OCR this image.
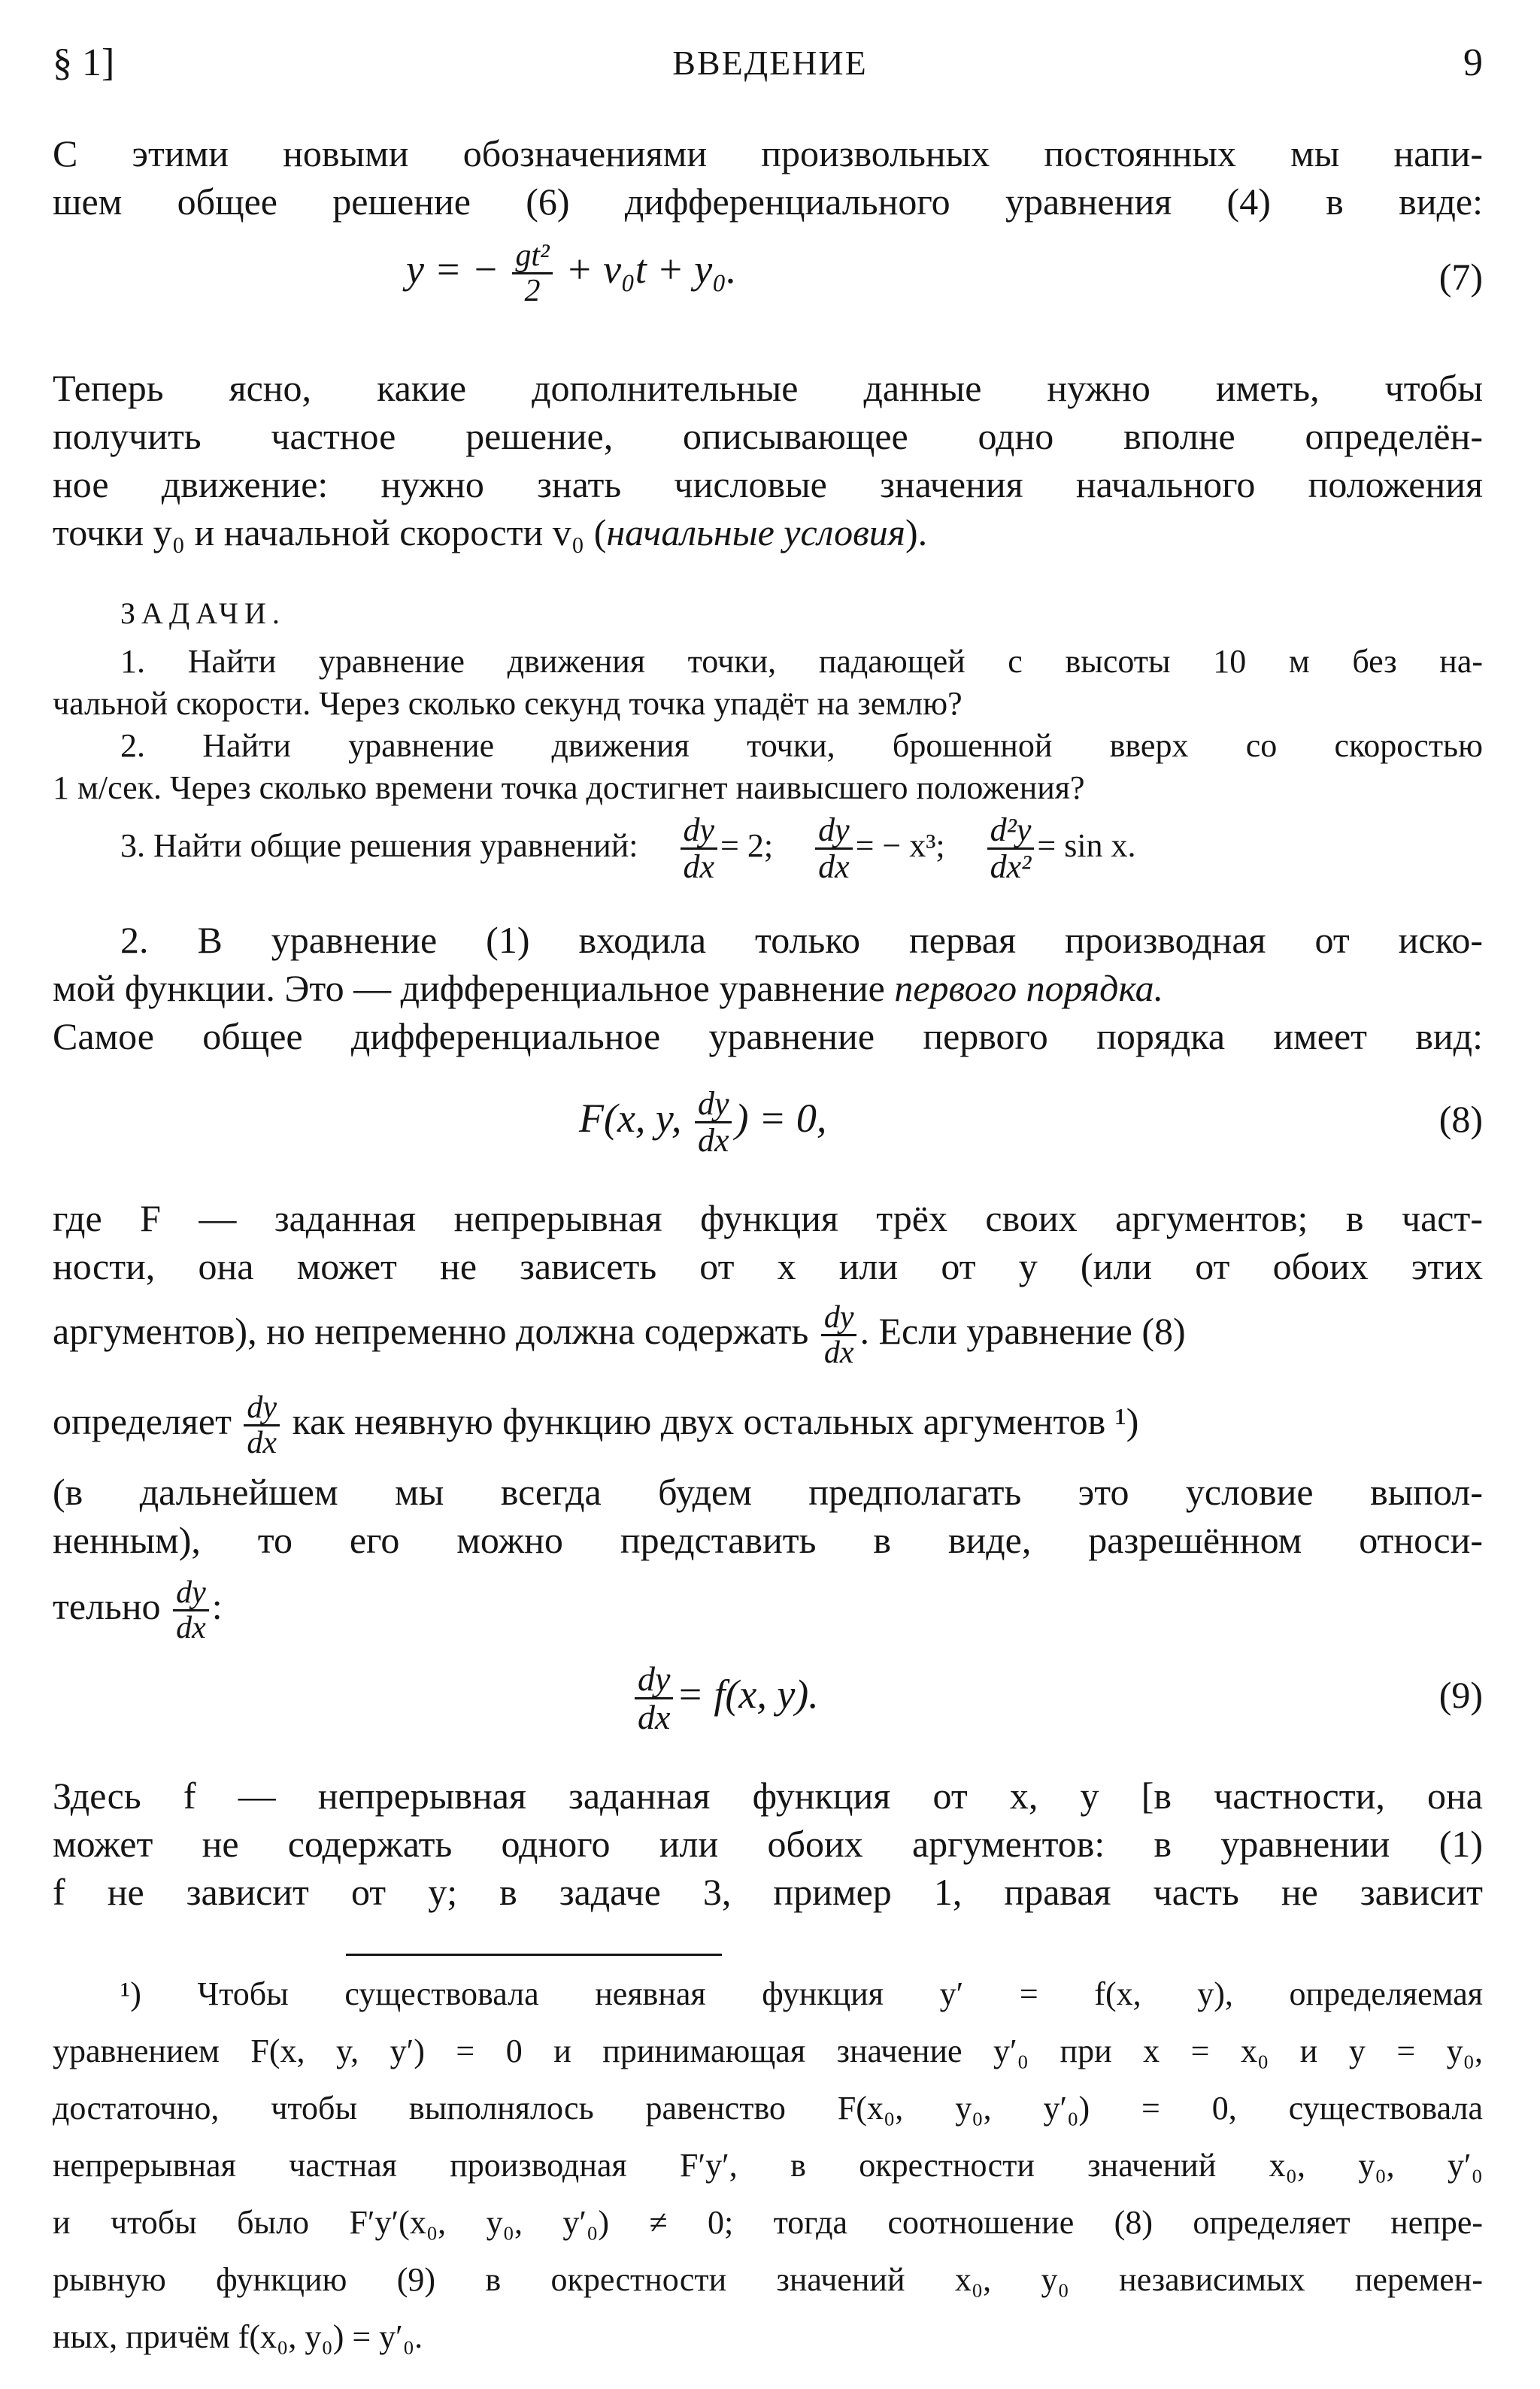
§ 1]	ВВЕДЕНИЕ	9
С этими новыми обозначениями произвольных постоянных мы напи-
шем общее решение (6) дифференциального уравнения (4) в виде:
y = − $\frac{\text{gt²}}{2} + v_0t + y_0$.	(7)
Теперь ясно, какие дополнительные данные нужно иметь, чтобы
получить частное решение, описывающее одно вполне определён-
ное движение: нужно знать числовые значения начального положения
точки y₀ и начальной скорости v₀ (начальные условия).
ЗАДАЧИ.
1. Найти уравнение движения точки, падающей с высоты 10 м без на-
чальной скорости. Через сколько секунд точка упадёт на землю?
2. Найти уравнение движения точки, брошенной вверх со скоростью
1 м/сек. Через сколько времени точка достигнет наивысшего положения?
3. Найти общие решения уравнений: $\frac{dy}{dx} = 2$; $\frac{dy}{dx}$ = − x³; $\frac{\text{d²y}}{\text{dx²}} = \sin x$.
2. В уравнение (1) входила только первая производная от иско-
мой функции. Это — дифференциальное уравнение первого порядка.
Самое общее дифференциальное уравнение первого порядка имеет вид:
F(x, y, $\frac{dy}{dx}$ ) = 0,	(8)
где F — заданная непрерывная функция трёх своих аргументов; в част-
ности, она может не зависеть от x или от y (или от обоих этих
аргументов), но непременно должна содержать $\frac{dy}{dx}$ . Если уравнение (8)
определяет $\frac{dy}{dx}$ как неявную функцию двух остальных аргументов ¹)
(в дальнейшем мы всегда будем предполагать это условие выпол-
ненным), то его можно представить в виде, разрешённом относи-
тельно $\frac{dy}{dx}$ :
$\frac{dy}{dx} = f(x$, y).	(9)
Здесь f — непрерывная заданная функция от x, y [в частности, она
может не содержать одного или обоих аргументов: в уравнении (1)
f не зависит от y; в задаче 3, пример 1, правая часть не зависит
¹) Чтобы существовала неявная функция y′ = f(x, y), определяемая
уравнением F(x, y, y′) = 0 и принимающая значение y′₀ при x = x₀ и y = y₀,
достаточно, чтобы выполнялось равенство F(x₀, y₀, y′₀) = 0, существовала
непрерывная частная производная F′y′, в окрестности значений x₀, y₀, y′₀
и чтобы было F′y′(x₀, y₀, y′₀) ≠ 0; тогда соотношение (8) определяет непре-
рывную функцию (9) в окрестности значений x₀, y₀ независимых перемен-
ных, причём f(x₀, y₀) = y′₀.
